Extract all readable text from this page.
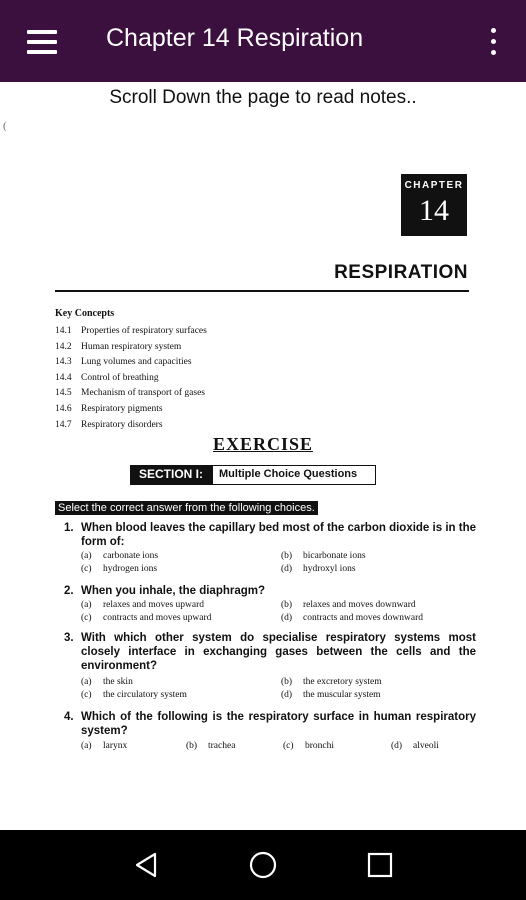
Chapter 14 Respiration
Scroll Down the page to read notes..
(
CHAPTER
14
RESPIRATION
Key Concepts
14.1 Properties of respiratory surfaces
14.2 Human respiratory system
14.3 Lung volumes and capacities
14.4 Control of breathing
14.5 Mechanism of transport of gases
14.6 Respiratory pigments
14.7 Respiratory disorders
EXERCISE
SECTION I:	Multiple Choice Questions
Select the correct answer from the following choices.
1. When blood leaves the capillary bed most of the carbon dioxide is in the form of:
(a) carbonate ions	(b) bicarbonate ions
(c) hydrogen ions	(d) hydroxyl ions
2. When you inhale, the diaphragm?
(a) relaxes and moves upward	(b) relaxes and moves downward
(c) contracts and moves upward	(d) contracts and moves downward
3. With which other system do specialise respiratory systems most closely interface in exchanging gases between the cells and the environment?
(a) the skin	(b) the excretory system
(c) the circulatory system	(d) the muscular system
4. Which of the following is the respiratory surface in human respiratory system?
(a) larynx	(b) trachea	(c) bronchi	(d) alveoli
